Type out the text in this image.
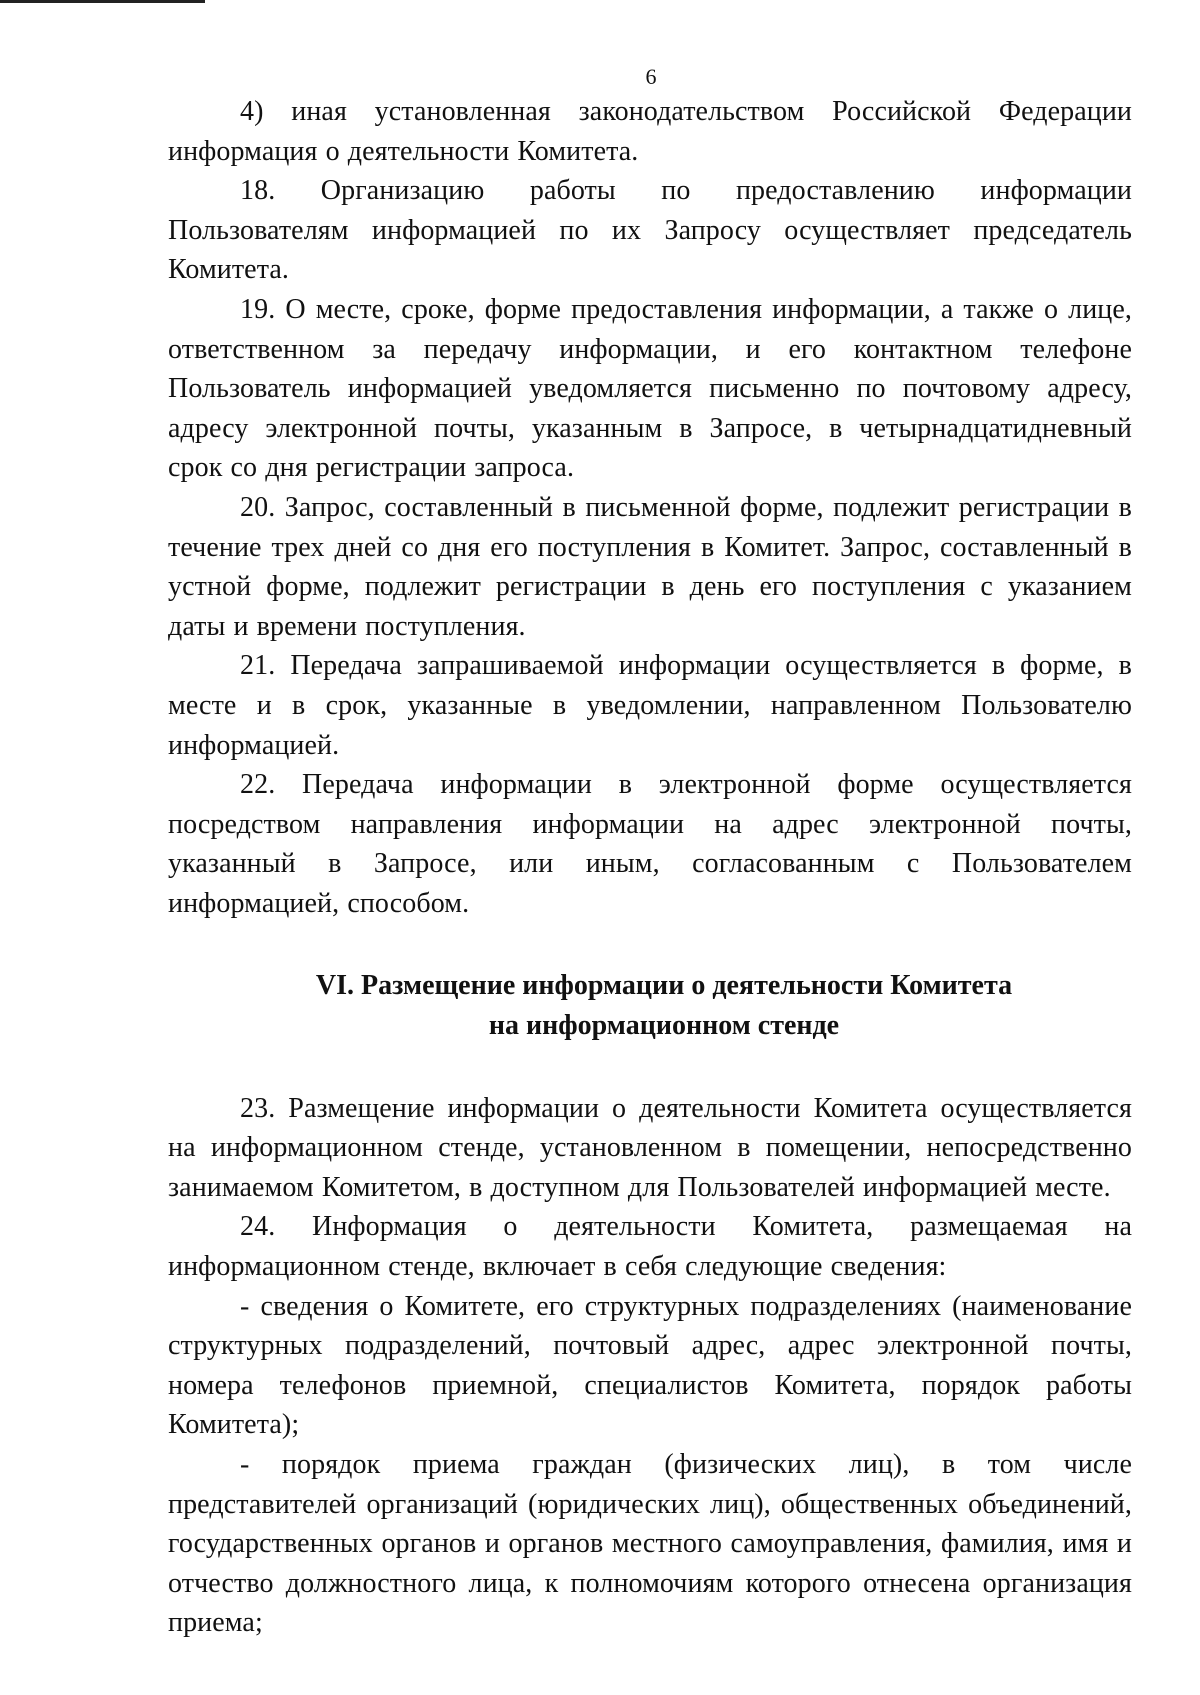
6

4) иная установленная законодательством Российской Федерации информация о деятельности Комитета.

18. Организацию работы по предоставлению информации Пользователям информацией по их Запросу осуществляет председатель Комитета.

19. О месте, сроке, форме предоставления информации, а также о лице, ответственном за передачу информации, и его контактном телефоне Пользователь информацией уведомляется письменно по почтовому адресу, адресу электронной почты, указанным в Запросе, в четырнадцатидневный срок со дня регистрации запроса.

20. Запрос, составленный в письменной форме, подлежит регистрации в течение трех дней со дня его поступления в Комитет. Запрос, составленный в устной форме, подлежит регистрации в день его поступления с указанием даты и времени поступления.

21. Передача запрашиваемой информации осуществляется в форме, в месте и в срок, указанные в уведомлении, направленном Пользователю информацией.

22. Передача информации в электронной форме осуществляется посредством направления информации на адрес электронной почты, указанный в Запросе, или иным, согласованным с Пользователем информацией, способом.

VI. Размещение информации о деятельности Комитета
на информационном стенде

23. Размещение информации о деятельности Комитета осуществляется на информационном стенде, установленном в помещении, непосредственно занимаемом Комитетом, в доступном для Пользователей информацией месте.

24. Информация о деятельности Комитета, размещаемая на информационном стенде, включает в себя следующие сведения:

- сведения о Комитете, его структурных подразделениях (наименование структурных подразделений, почтовый адрес, адрес электронной почты, номера телефонов приемной, специалистов Комитета, порядок работы Комитета);

- порядок приема граждан (физических лиц), в том числе представителей организаций (юридических лиц), общественных объединений, государственных органов и органов местного самоуправления, фамилия, имя и отчество должностного лица, к полномочиям которого отнесена организация приема;
